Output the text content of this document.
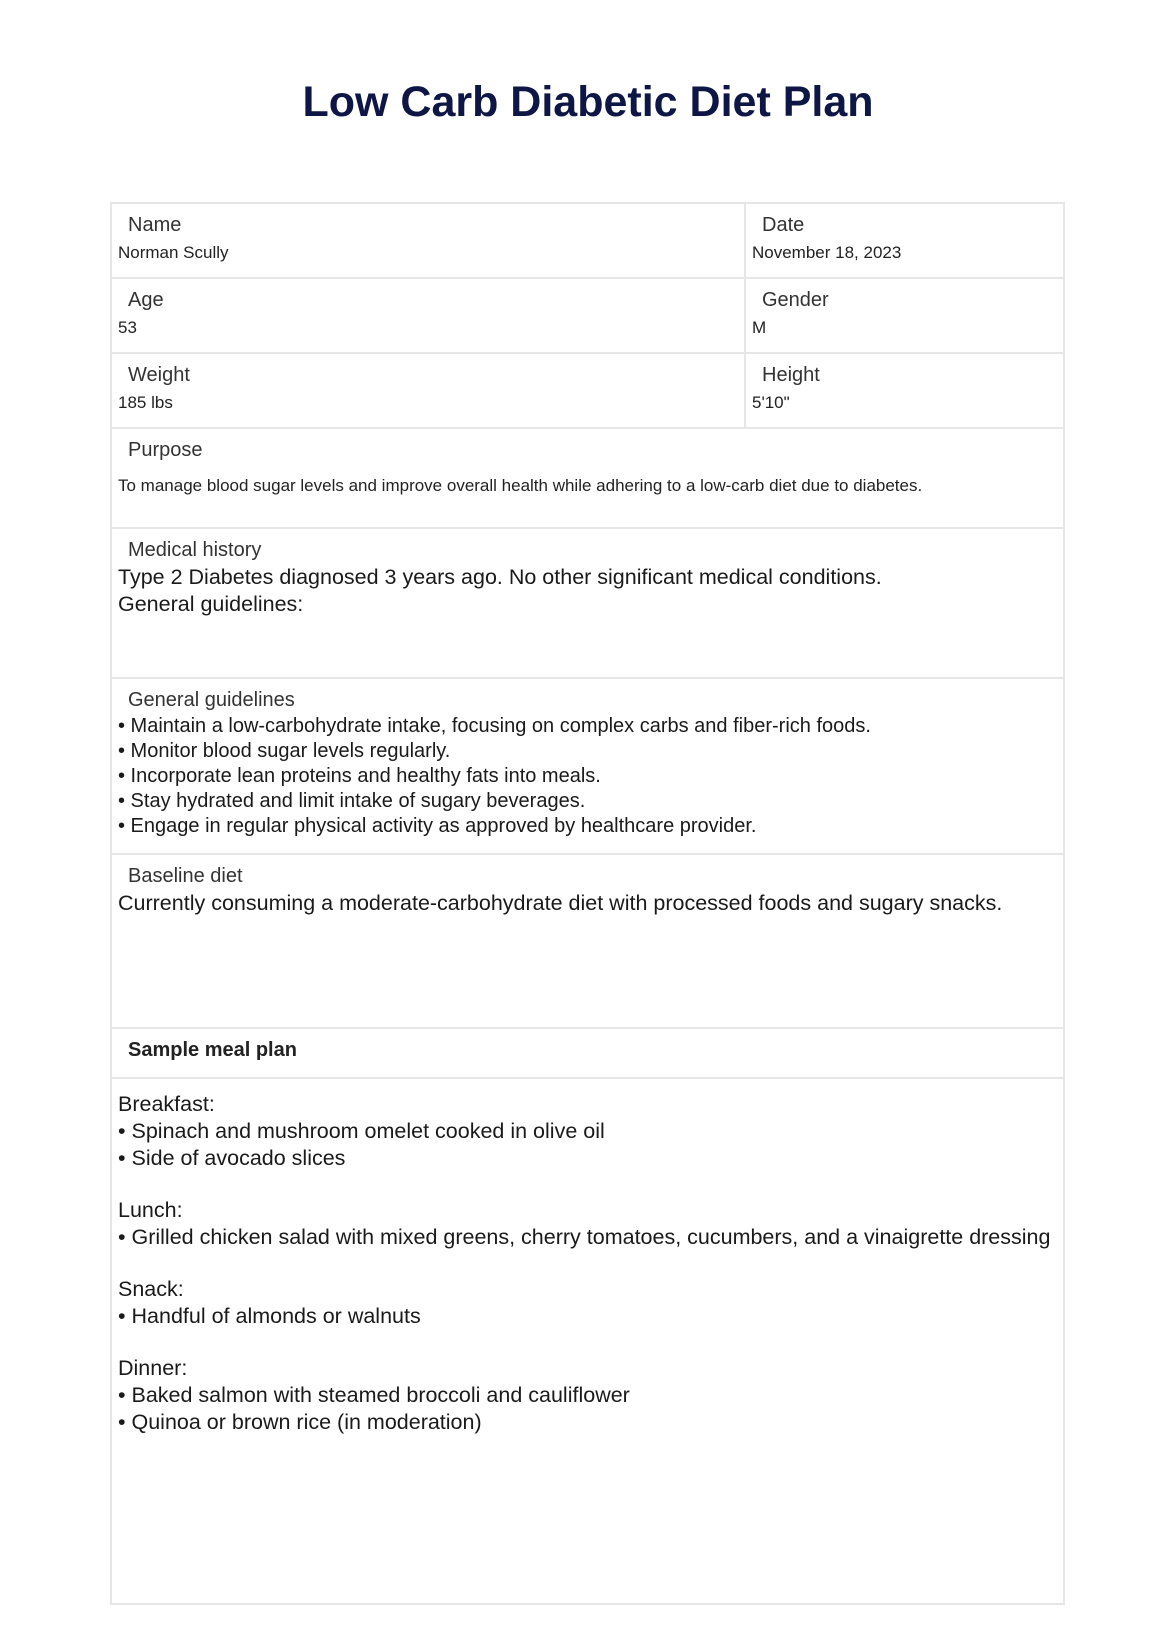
Low Carb Diabetic Diet Plan
Name
Norman Scully
Date
November 18, 2023
Age
53
Gender
M
Weight
185 lbs
Height
5'10"
Purpose
To manage blood sugar levels and improve overall health while adhering to a low-carb diet due to diabetes.
Medical history
Type 2 Diabetes diagnosed 3 years ago. No other significant medical conditions.
General guidelines:
General guidelines
• Maintain a low-carbohydrate intake, focusing on complex carbs and fiber-rich foods.
• Monitor blood sugar levels regularly.
• Incorporate lean proteins and healthy fats into meals.
• Stay hydrated and limit intake of sugary beverages.
• Engage in regular physical activity as approved by healthcare provider.
Baseline diet
Currently consuming a moderate-carbohydrate diet with processed foods and sugary snacks.
Sample meal plan
Breakfast:
• Spinach and mushroom omelet cooked in olive oil
• Side of avocado slices
Lunch:
• Grilled chicken salad with mixed greens, cherry tomatoes, cucumbers, and a vinaigrette dressing
Snack:
• Handful of almonds or walnuts
Dinner:
• Baked salmon with steamed broccoli and cauliflower
• Quinoa or brown rice (in moderation)
